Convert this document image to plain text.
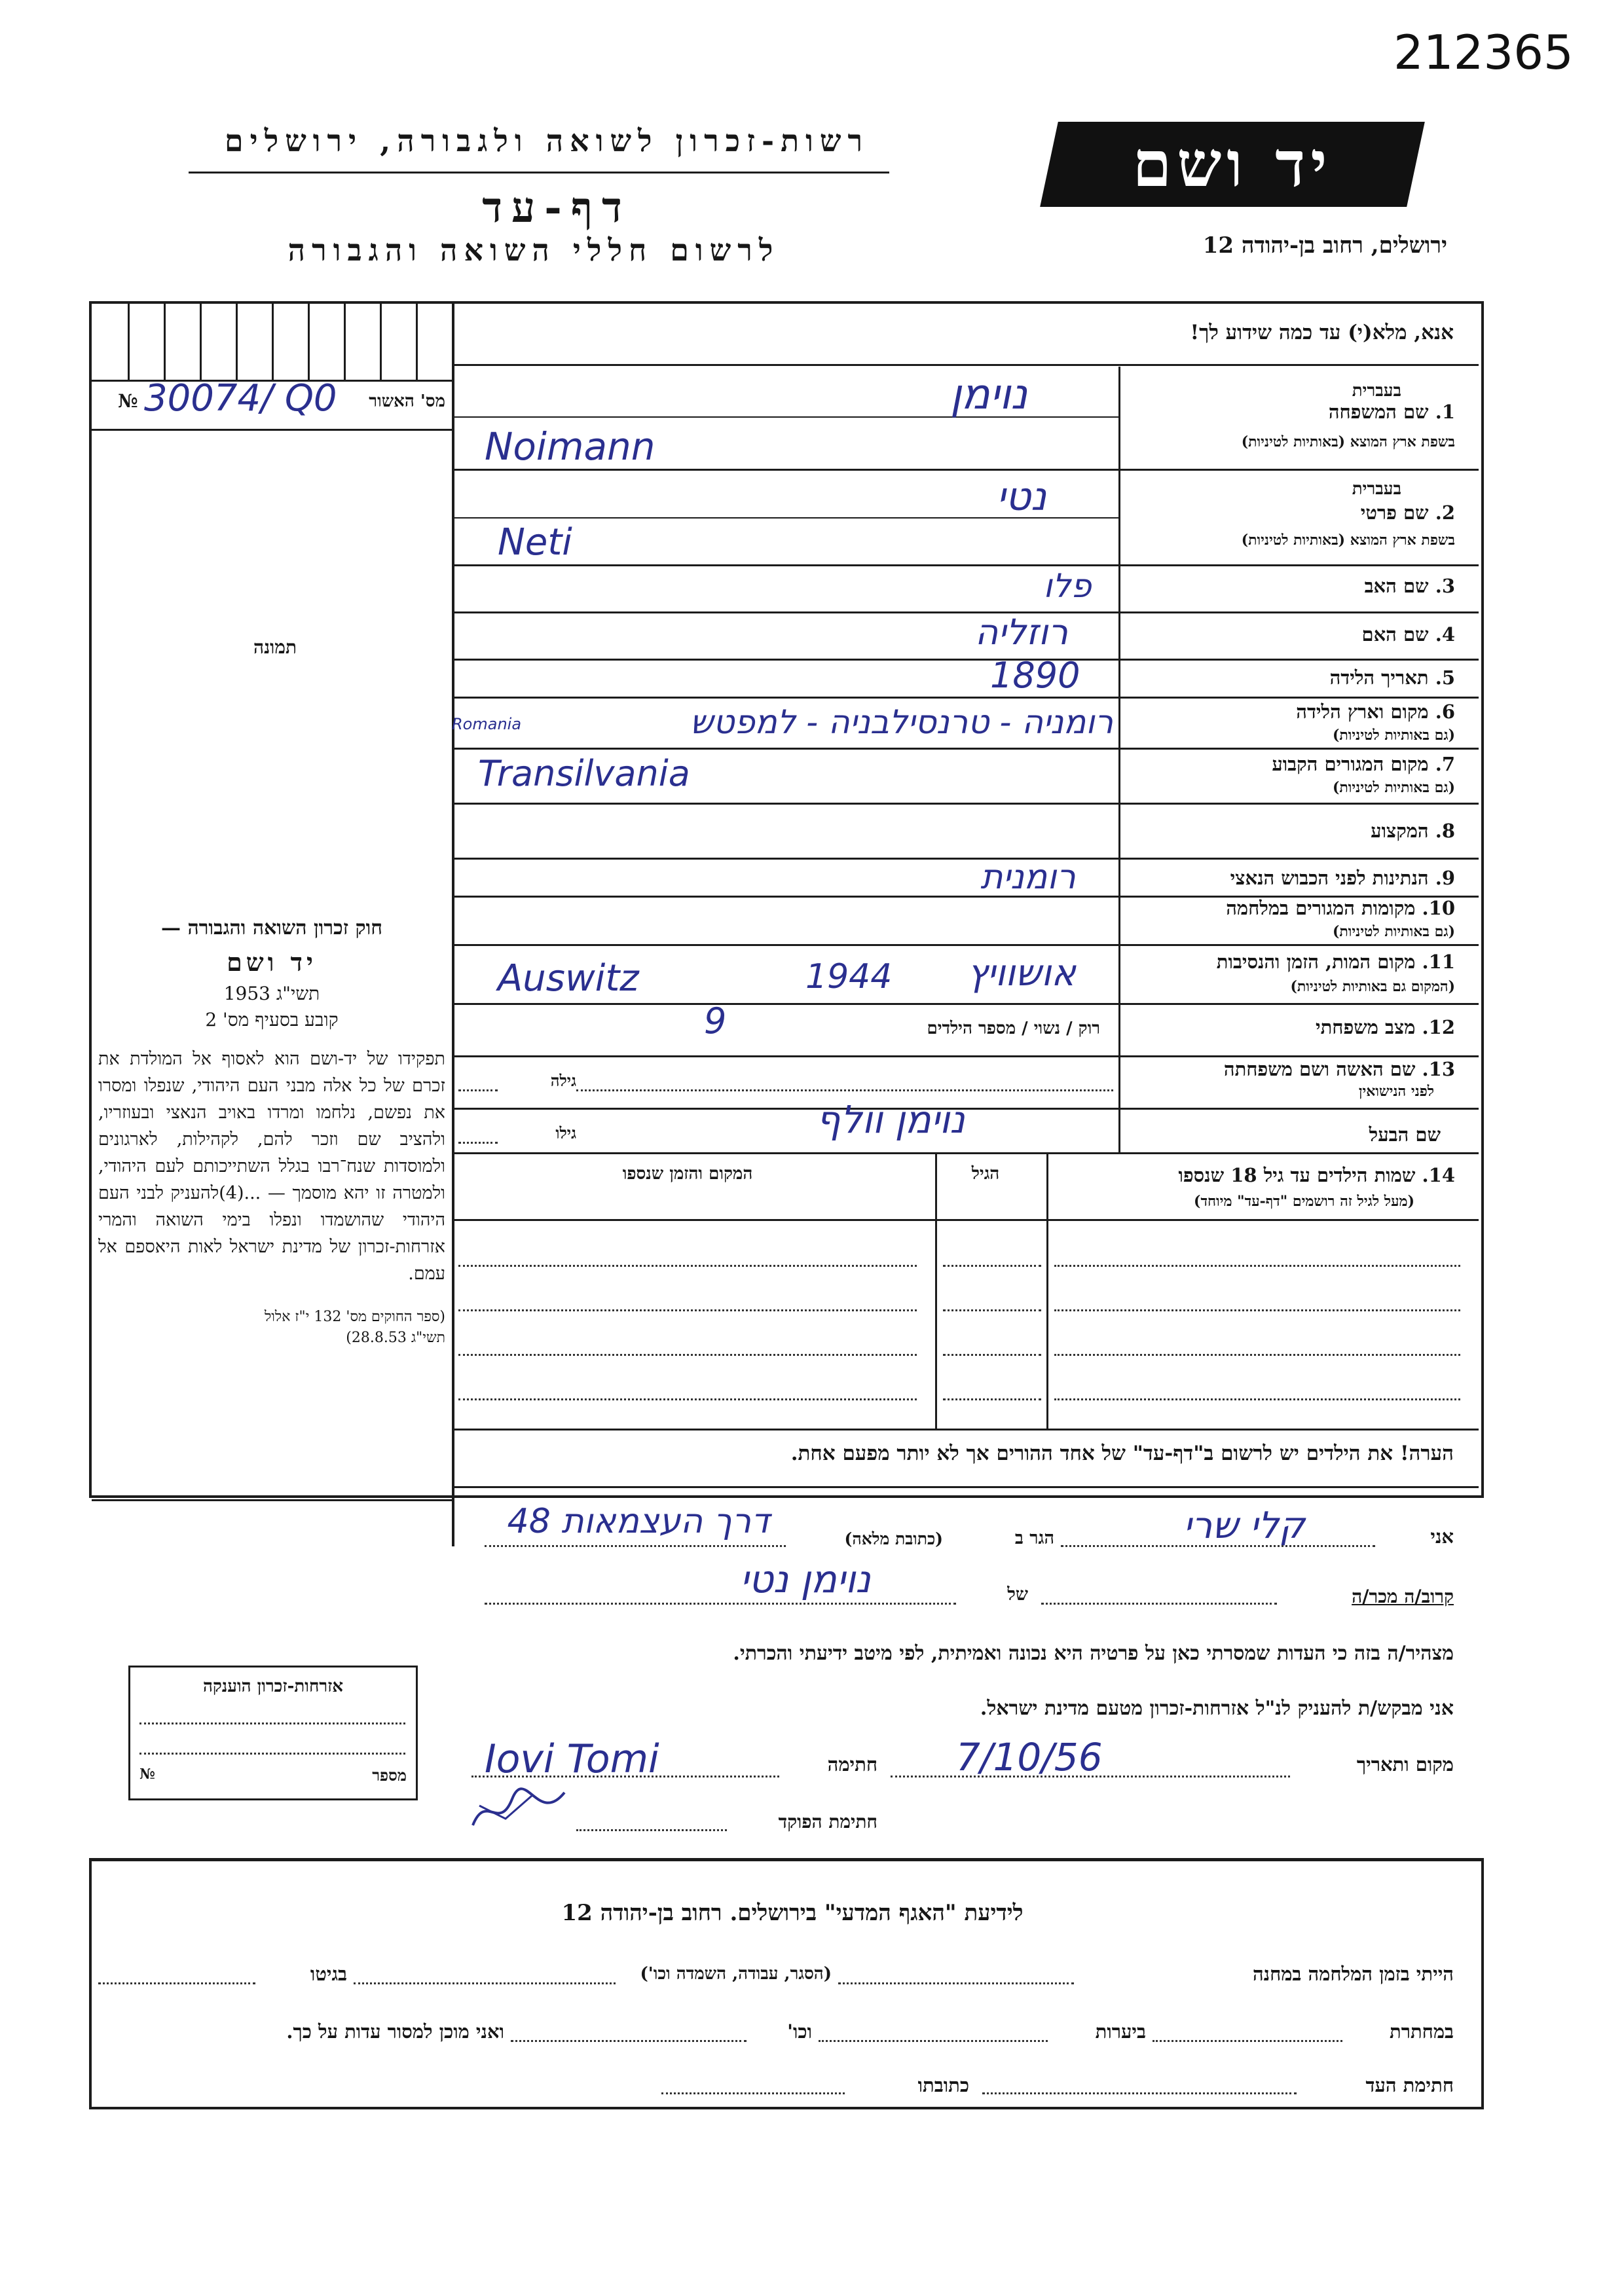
212365
רשות-זכרון לשואה ולגבורה, ירושלים
דף-עד
לרשום חללי השואה והגבורה
יד ושם
ירושלים, רחוב בן-יהודה 12
№ 30074/ Q0 מס' האשור
תמונה
אנא, מלא(י) עד כמה שידוע לך!
1. שם המשפחה
בשפת ארץ המוצא (באותיות לטיניות)
בעברית
נוימן
Noimann
2. שם פרטי
בשפת ארץ המוצא (באותיות לטיניות)
בעברית
נטי
Neti
3. שם האב
פלו
4. שם האם
רוזליה
5. תאריך הלידה
1890
6. מקום וארץ הלידה
(גם באותיות לטיניות)
רומניה - טרנסילבניה - למפטש
Romania
7. מקום המגורים הקבוע
(גם באותיות לטיניות)
Transilvania
8. המקצוע
9. הנתינות לפני הכבוש הנאצי
רומנית
10. מקומות המגורים במלחמה
(גם באותיות לטיניות)
11. מקום המות, הזמן והנסיבות
(המקום גם באותיות לטיניות)
Auswitz	1944	אושוויץ
12. מצב משפחתי
רוק / נשוי / מספר הילדים
9
13. שם האשה ושם משפחתה
לפני הנישואין
גילה
שם הבעל
נוימן וולף
גילו
14. שמות הילדים עד גיל 18 שנספו
(מעל לגיל זה רושמים "דף-עד" מיוחד)
הגיל
המקום והזמן שנספו
חוק זכרון השואה והגבורה —
יד ושם
תשי"ג 1953
קובע בסעיף מס' 2
תפקידו של יד-ושם הוא לאסוף אל המולדת את זכרם של כל אלה מבני העם היהודי, שנפלו ומסרו את נפשם, נלחמו ומרדו באויב הנאצי ובעוזריו, ולהציב שם וזכר להם, לקהילות, לארגונים ולמוסדות שנח־רבו בגלל השתייכותם לעם היהודי, ולמטרה זו יהא מוסמך — ...(4)להעניק לבני העם היהודי שהושמדו ונפלו בימי השואה והמרי אזרחות-זכרון של מדינת ישראל לאות היאספם אל עמם.
(ספר החוקים מס' 132 י"ז אלול תשי"ג 28.8.53)
הערה! את הילדים יש לרשום ב"דף-עד" של אחד ההורים אך לא יותר מפעם אחת.
אני
קלי שרי
הגר ב
(כתובת מלאה)
דרך העצמאות 48
קרוב/ה מכר/ה
של
נוימן נטי
מצהיר/ה בזה כי העדות שמסרתי כאן על פרטיה היא נכונה ואמיתית, לפי מיטב ידיעתי והכרתי.
אני מבקש/ת להעניק לנ"ל אזרחות-זכרון מטעם מדינת ישראל.
מקום ותאריך
7/10/56
חתימה
Iovi Tomi
חתימת הפוקד
אזרחות-זכרון הוענקה
מספר
№
לידיעת "האגף המדעי" בירושלים. רחוב בן-יהודה 12
הייתי בזמן המלחמה במחנה
(הסגר, עבודה, השמדה וכו')
בגיטו
במחתרת
ביערות
וכו'
ואני מוכן למסור עדות על כך.
חתימת העד
כתובתו
